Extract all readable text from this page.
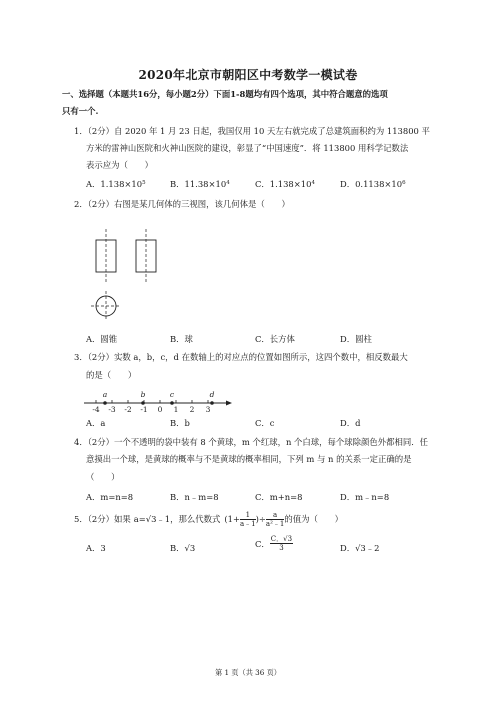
2020年北京市朝阳区中考数学一模试卷
一、选择题（本题共16分，每小题2分）下面1-8题均有四个选项，其中符合题意的选项
只有一个.
1．（2分）自 2020 年 1 月 23 日起，我国仅用 10 天左右就完成了总建筑面积约为 113800 平
方米的雷神山医院和火神山医院的建设，彰显了“中国速度”．将 113800 用科学记数法
表示应为（　　）
A．$1.138\times 10^5$	B．$11.38\times 10^4$	C．$1.138\times 10^4$	D．$0.1138\times 10^6$
2．（2分）右图是某几何体的三视图，该几何体是（　　）
A．圆锥	B．球	C．长方体	D．圆柱
3．（2分）实数 a，b，c，d 在数轴上的对应点的位置如图所示，这四个数中，相反数最大
的是（　　）
a	b	c	d
-4 -3 -2 -1 0 1 2 3
A．a	B．b	C．c	D．d
4．（2分）一个不透明的袋中装有 8 个黄球，m 个红球，n 个白球，每个球除颜色外都相同．任
意摸出一个球，是黄球的概率与不是黄球的概率相同，下列 m 与 n 的关系一定正确的是
（　　）
A．m=n=8	B．n﹣m=8	C．m+n=8	D．m﹣n=8
5．（2分）如果 a=√3﹣1 ，那么代数式 ($1+ \frac{1}{a﹣1}$ )÷ $\frac{a}{\text{a²﹣1}}$ 的值为（　　）
A．3	B．√3	C． $\frac{C.√3}{3}$	D．√3﹣2
第 1 页（共 36 页）
